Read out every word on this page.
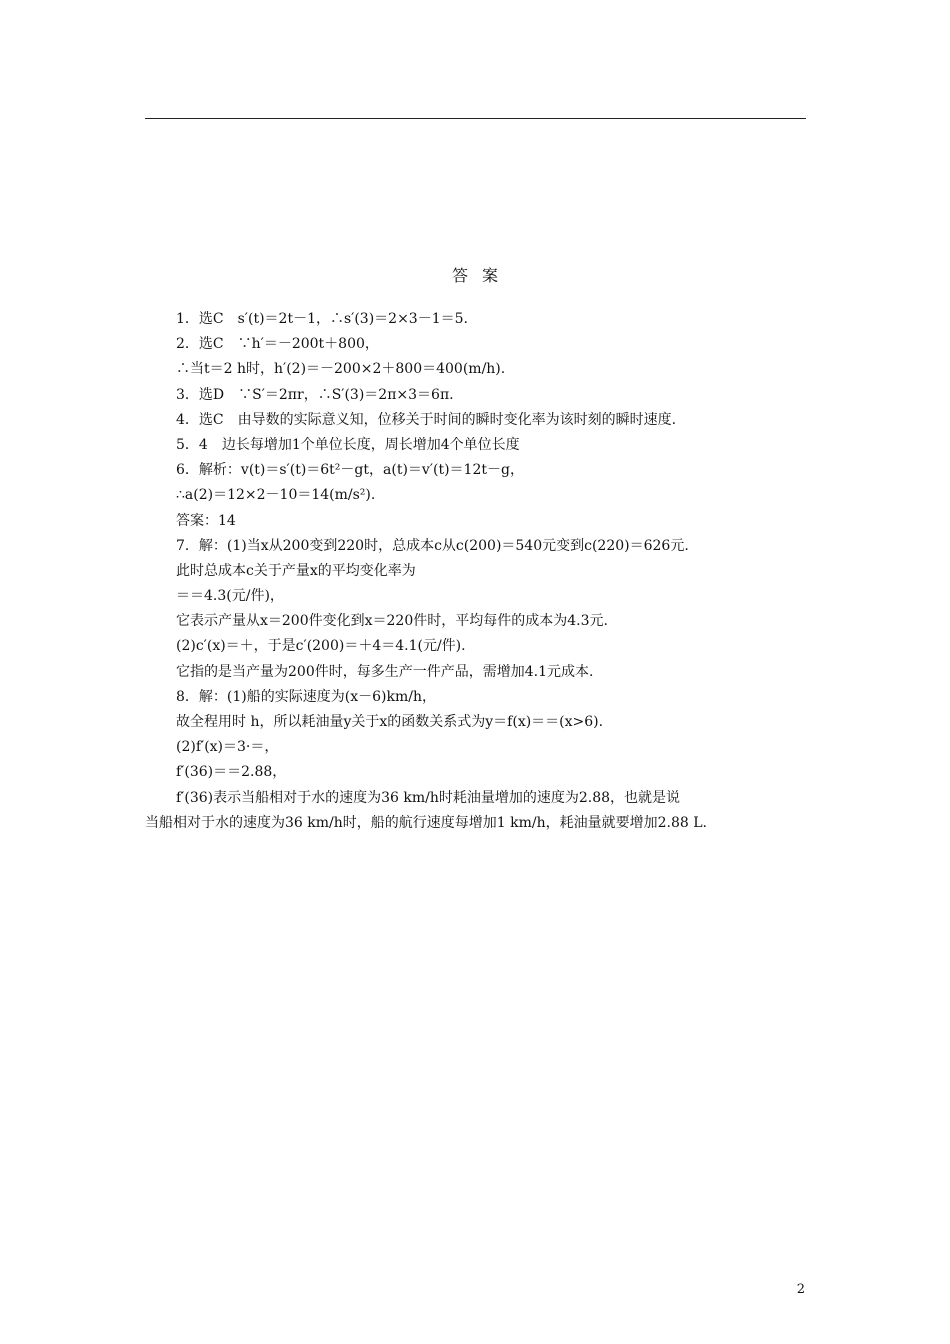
答案
1．选C　s′(t)＝2t－1，∴s′(3)＝2×3－1＝5.
2．选C　∵h′＝－200t＋800，
∴当t＝2 h时，h′(2)＝－200×2＋800＝400(m/h).
3．选D　∵S′＝2πr，∴S′(3)＝2π×3＝6π.
4．选C　由导数的实际意义知，位移关于时间的瞬时变化率为该时刻的瞬时速度.
5．4　边长每增加1个单位长度，周长增加4个单位长度
6．解析：v(t)＝s′(t)＝6t²－gt，a(t)＝v′(t)＝12t－g，
∴a(2)＝12×2－10＝14(m/s²).
答案：14
7．解：(1)当x从200变到220时，总成本c从c(200)＝540元变到c(220)＝626元.
此时总成本c关于产量x的平均变化率为
＝＝4.3(元/件)，
它表示产量从x＝200件变化到x＝220件时，平均每件的成本为4.3元.
(2)c′(x)＝＋，于是c′(200)＝＋4＝4.1(元/件).
它指的是当产量为200件时，每多生产一件产品，需增加4.1元成本.
8．解：(1)船的实际速度为(x－6)km/h，
故全程用时 h，所以耗油量y关于x的函数关系式为y＝f(x)＝＝(x>6).
(2)f′(x)＝3·＝，
f′(36)＝＝2.88，
f′(36)表示当船相对于水的速度为36 km/h时耗油量增加的速度为2.88，也就是说
当船相对于水的速度为36 km/h时，船的航行速度每增加1 km/h，耗油量就要增加2.88 L.
2
